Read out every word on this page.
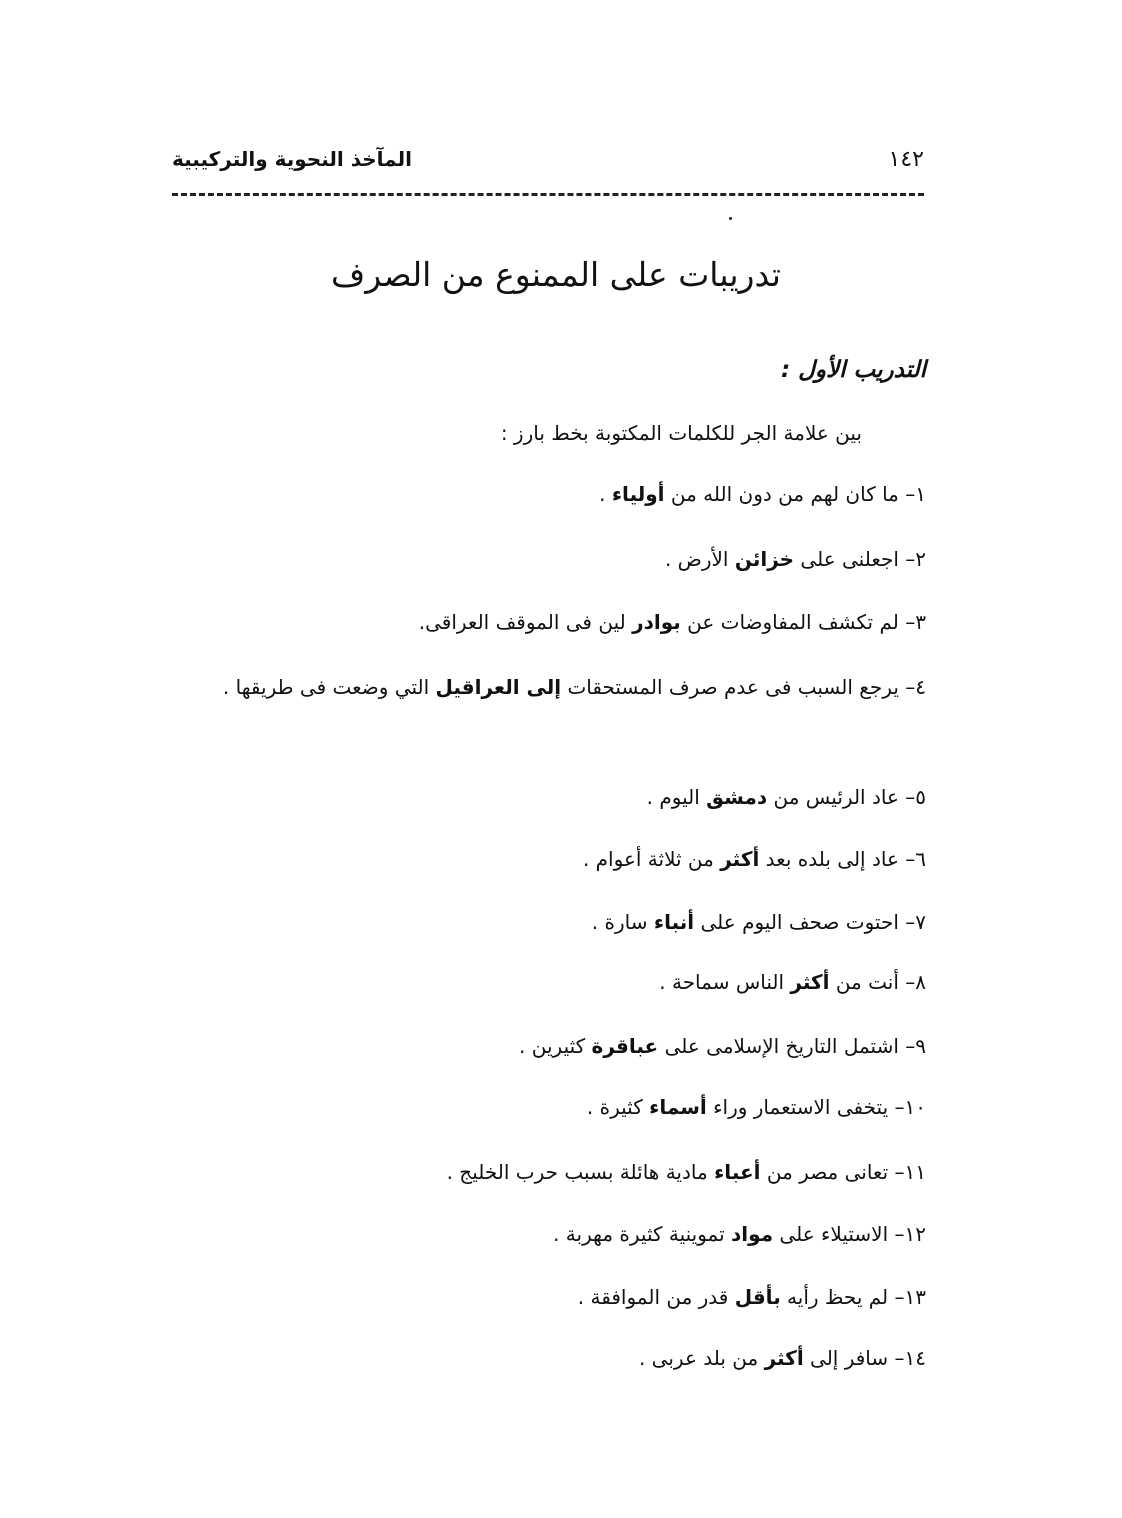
١٤٢
المآخذ النحوية والتركيبية
تدريبات على الممنوع من الصرف
التدريب الأول :
بين علامة الجر للكلمات المكتوبة بخط بارز :
١– ما كان لهم من دون الله من أولياء .
٢– اجعلنى على خزائن الأرض .
٣– لم تكشف المفاوضات عن بوادر لين فى الموقف العراقى.
٤– يرجع السبب فى عدم صرف المستحقات إلى العراقيل التي وضعت فى طريقها .
٥– عاد الرئيس من دمشق اليوم .
٦– عاد إلى بلده بعد أكثر من ثلاثة أعوام .
٧– احتوت صحف اليوم على أنباء سارة .
٨– أنت من أكثر الناس سماحة .
٩– اشتمل التاريخ الإسلامى على عباقرة كثيرين .
١٠– يتخفى الاستعمار وراء أسماء كثيرة .
١١– تعانى مصر من أعباء مادية هائلة بسبب حرب الخليج .
١٢– الاستيلاء على مواد تموينية كثيرة مهربة .
١٣– لم يحظ رأيه بأقل قدر من الموافقة .
١٤– سافر إلى أكثر من بلد عربى .
